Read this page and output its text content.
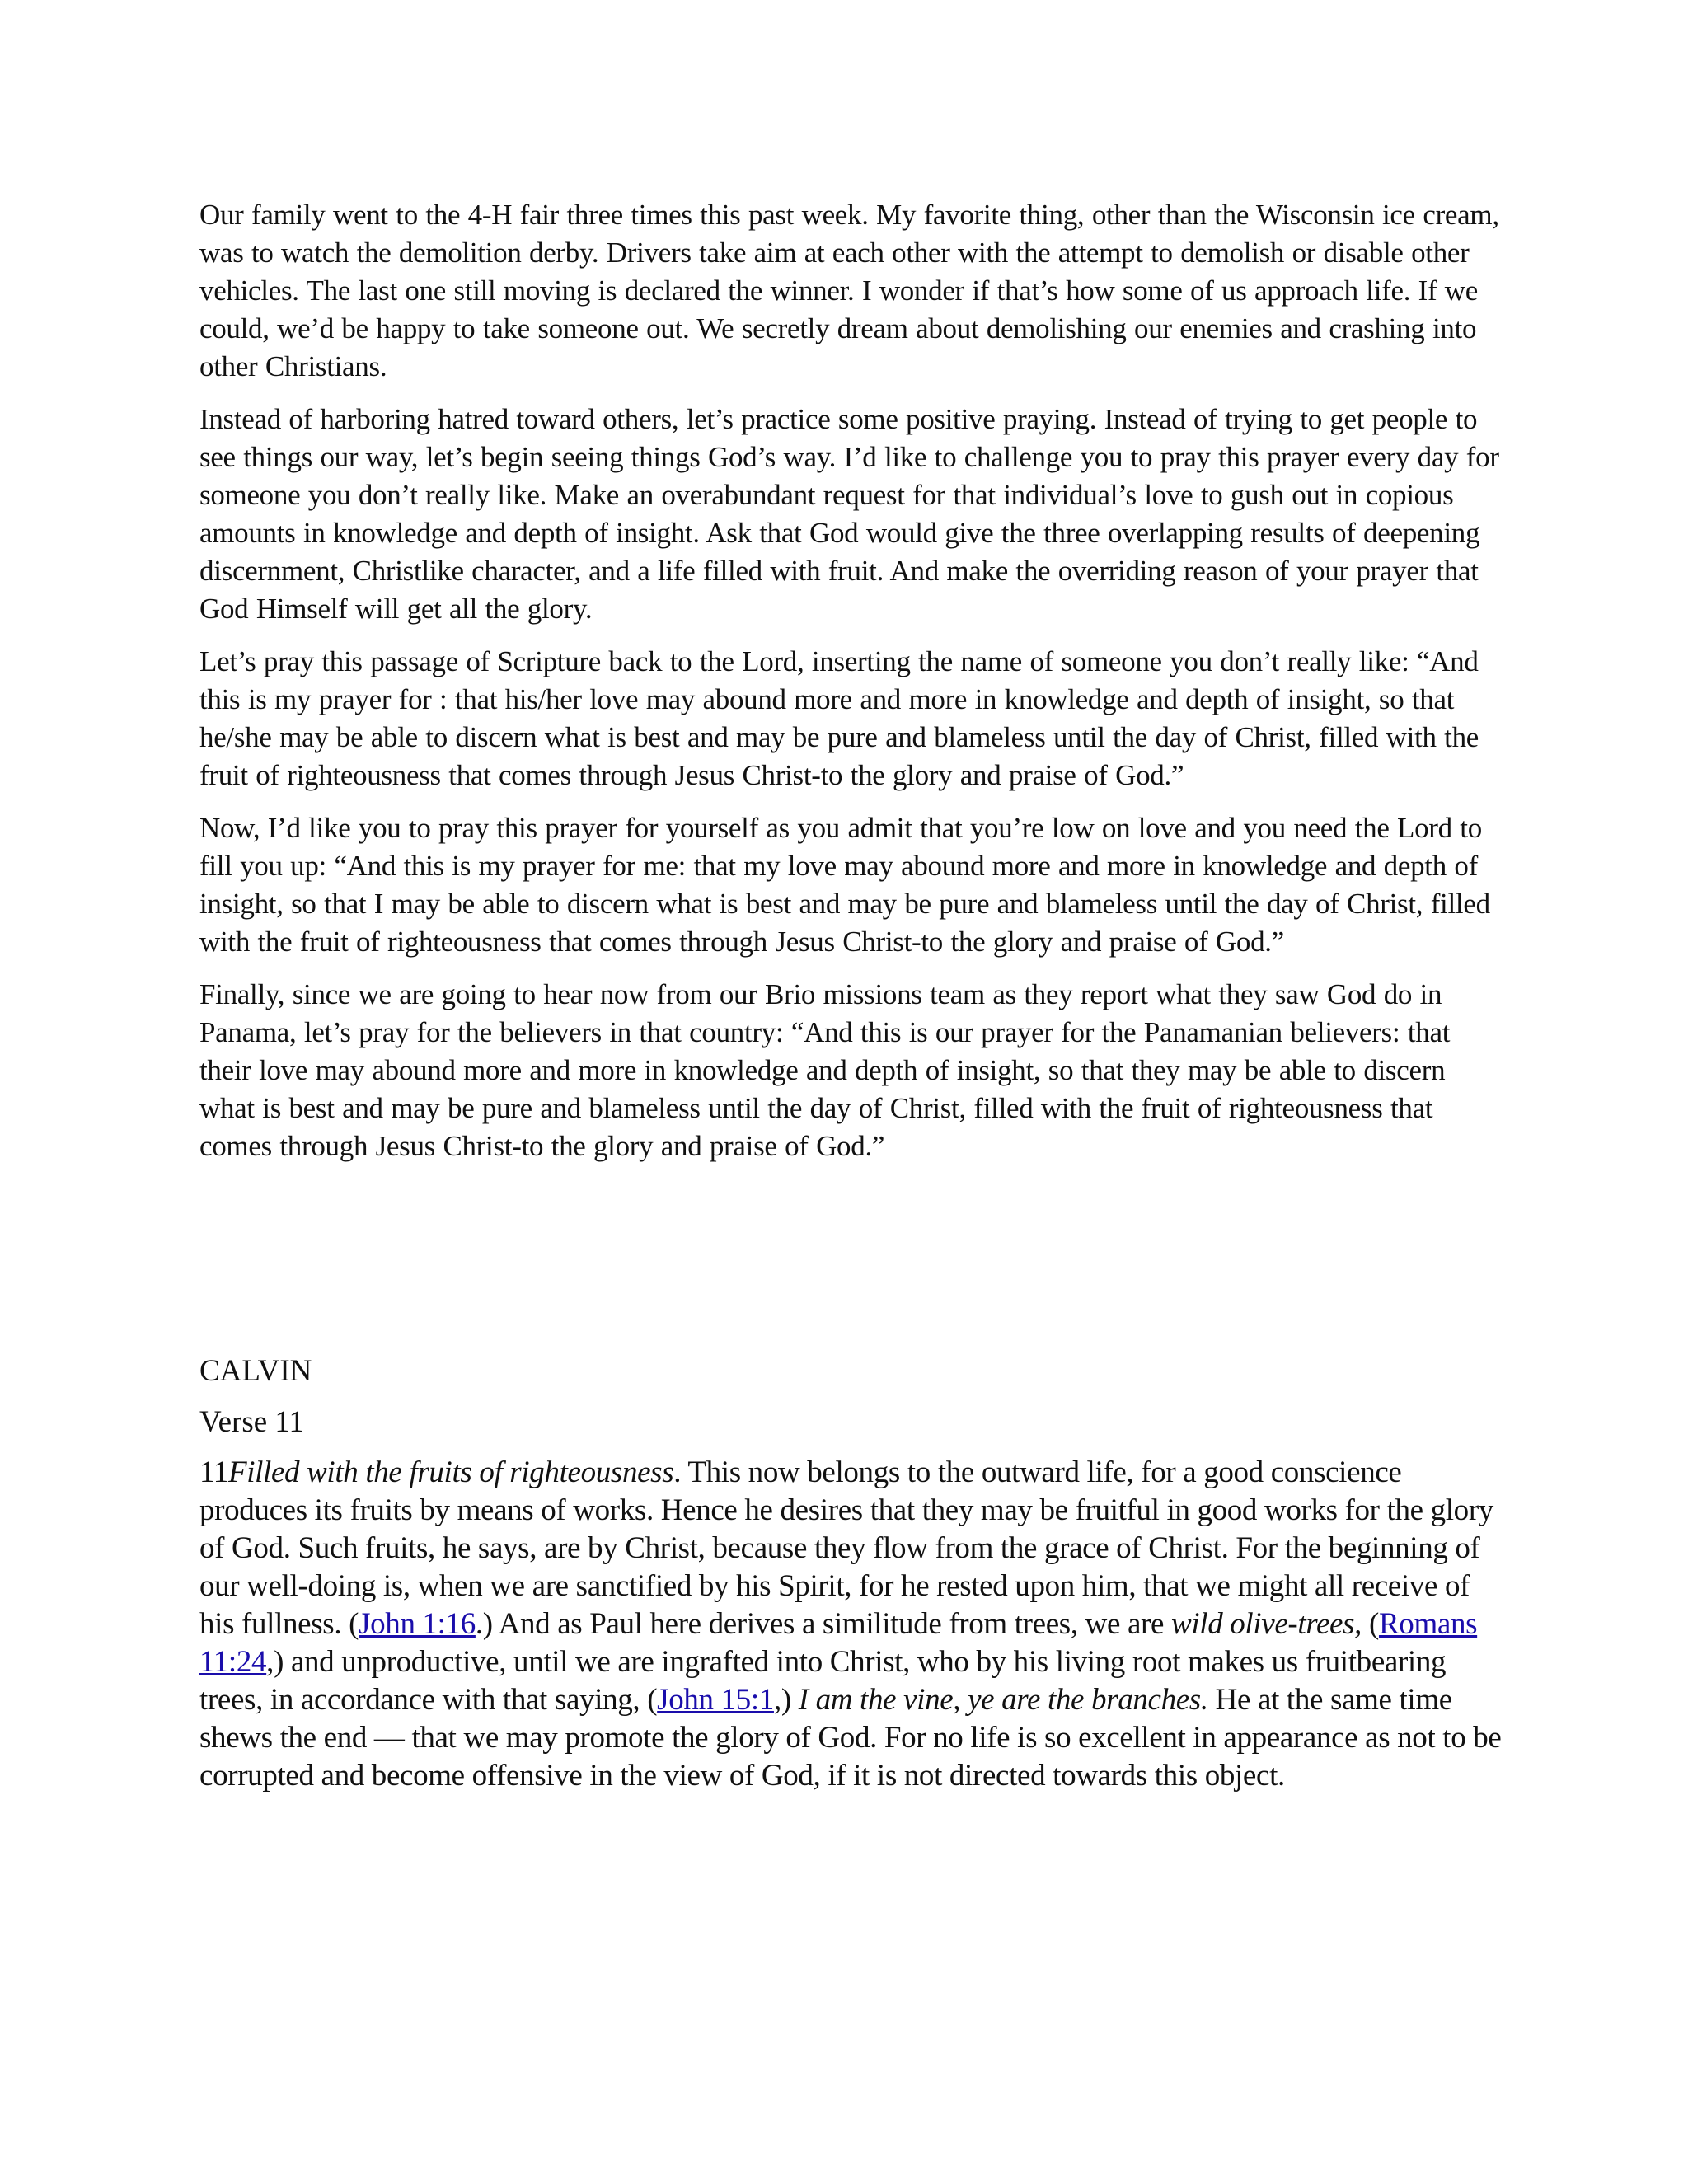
Our family went to the 4-H fair three times this past week. My favorite thing, other than the Wisconsin ice cream, was to watch the demolition derby. Drivers take aim at each other with the attempt to demolish or disable other vehicles. The last one still moving is declared the winner. I wonder if that’s how some of us approach life. If we could, we’d be happy to take someone out. We secretly dream about demolishing our enemies and crashing into other Christians.

Instead of harboring hatred toward others, let’s practice some positive praying. Instead of trying to get people to see things our way, let’s begin seeing things God’s way. I’d like to challenge you to pray this prayer every day for someone you don’t really like. Make an overabundant request for that individual’s love to gush out in copious amounts in knowledge and depth of insight. Ask that God would give the three overlapping results of deepening discernment, Christlike character, and a life filled with fruit. And make the overriding reason of your prayer that God Himself will get all the glory.

Let’s pray this passage of Scripture back to the Lord, inserting the name of someone you don’t really like: “And this is my prayer for : that his/her love may abound more and more in knowledge and depth of insight, so that he/she may be able to discern what is best and may be pure and blameless until the day of Christ, filled with the fruit of righteousness that comes through Jesus Christ-to the glory and praise of God.”

Now, I’d like you to pray this prayer for yourself as you admit that you’re low on love and you need the Lord to fill you up: “And this is my prayer for me: that my love may abound more and more in knowledge and depth of insight, so that I may be able to discern what is best and may be pure and blameless until the day of Christ, filled with the fruit of righteousness that comes through Jesus Christ-to the glory and praise of God.”

Finally, since we are going to hear now from our Brio missions team as they report what they saw God do in Panama, let’s pray for the believers in that country: “And this is our prayer for the Panamanian believers: that their love may abound more and more in knowledge and depth of insight, so that they may be able to discern what is best and may be pure and blameless until the day of Christ, filled with the fruit of righteousness that comes through Jesus Christ-to the glory and praise of God.”

CALVIN

Verse 11

11Filled with the fruits of righteousness. This now belongs to the outward life, for a good conscience produces its fruits by means of works. Hence he desires that they may be fruitful in good works for the glory of God. Such fruits, he says, are by Christ, because they flow from the grace of Christ. For the beginning of our well-doing is, when we are sanctified by his Spirit, for he rested upon him, that we might all receive of his fullness. (John 1:16.) And as Paul here derives a similitude from trees, we are wild olive-trees, (Romans 11:24,) and unproductive, until we are ingrafted into Christ, who by his living root makes us fruitbearing trees, in accordance with that saying, (John 15:1,) I am the vine, ye are the branches. He at the same time shews the end — that we may promote the glory of God. For no life is so excellent in appearance as not to be corrupted and become offensive in the view of God, if it is not directed towards this object.
